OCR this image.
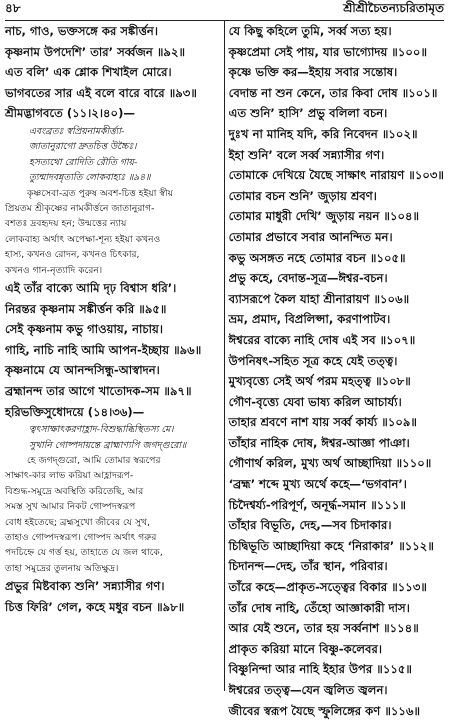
৪৮	শ্রীশ্রীচৈতন্যচরিতামৃত
নাচ, গাও, ভক্তসঙ্গে কর সঙ্কীর্ত্তন।
কৃষ্ণনাম উপদেশি’ তার’ সর্ব্বজন ॥৯২॥
এত বলি’ এক শ্লোক শিখাইল মোরে।
ভাগবতের সার এই বলে বারে বারে ॥৯৩॥
শ্রীমদ্ভাগবতে (১১।২।৪০)—
এবংব্রতঃ স্বপ্রিয়নামকীর্ত্ত্যা-
জাতানুরাগো দ্রুতচিত্ত উচ্চৈঃ।
হসত্যথো রোদিতি রৌতি গায়-
ত্যুন্মাদবন্নৃত্যতি লোকবাহ্যঃ ॥৯৪॥
কৃষ্ণসেবা-ব্রত পুরুষ অবশ-চিত্ত হইয়া স্বীয়
প্রিয়তম শ্রীকৃষ্ণের নামকীর্ত্তনে জাতানুরাগ-
বশতঃ দ্রবহৃদয় হন; উন্মত্তের ন্যায়
লোকবাহ্য অর্থাৎ অপেক্ষা-শূন্য হইয়া কখনও
হাস্য, কখনও রোদন, কখনও চিৎকার,
কখনও গান-নৃত্যাদি করেন।
এই তাঁর বাক্যে আমি দৃঢ় বিশ্বাস ধরি’।
নিরন্তর কৃষ্ণনাম সঙ্কীর্ত্তন করি ॥৯৫॥
সেই কৃষ্ণনাম কভু গাওয়ায়, নাচায়।
গাহি, নাচি নাহি আমি আপন-ইচ্ছায় ॥৯৬॥
কৃষ্ণনামে যে আনন্দসিন্ধু-আস্বাদন।
ব্রহ্মানন্দ তার আগে খাতোদক-সম ॥৯৭॥
হরিভক্তিসুধোদয়ে (১৪।৩৬)—
ত্বৎসাক্ষাৎকরণাহ্লাদ-বিশুদ্ধাব্ধিস্থিতস্য মে।
সুখানি গোষ্পদায়ন্তে ব্রাহ্মাণ্যপি জগদ্গুরো॥
হে জগদ্গুরো, আমি তোমার স্বরূপের
সাক্ষাৎ-কার লাভ করিয়া আহ্লাদরূপ-
বিশুদ্ধ-সমুদ্রে অবস্থিতি করিতেছি, আর
সমস্ত সুখ আমার নিকট গোষ্পদস্বরূপ
বোধ হইতেছে; ব্রহ্মসুখো জীবের যে সুখ,
তাহাও গোষ্পদস্বরূপ। গোষ্পদ অর্থাৎ গরুর
পদচিহ্নে যে গর্ত্ত হয়, তাহাতে যে জল থাকে,
তাহা সমুদ্রের তুলনায় অতিক্ষুদ্র।
প্রভুর মিষ্টবাক্য শুনি’ সন্ন্যাসীর গণ।
চিত্ত ফিরি’ গেল, কহে মধুর বচন ॥৯৮॥
যে কিছু কহিলে তুমি, সর্ব্ব সত্য হয়।
কৃষ্ণপ্রেমা সেই পায়, যার ভাগ্যোদয় ॥১০০॥
কৃষ্ণে ভক্তি কর—ইহায় সবার সন্তোষ।
বেদান্ত না শুন কেনে, তার কিবা দোষ ॥১০১॥
এত শুনি’ হাসি’ প্রভু বলিলা বচন।
দুঃখ না মানিহ যদি, করি নিবেদন ॥১০২॥
ইহা শুনি’ বলে সর্ব্ব সন্ন্যাসীর গণ।
তোমাকে দেখিয়ে যৈছে সাক্ষাৎ নারায়ণ ॥১০৩॥
তোমার বচন শুনি’ জুড়ায় শ্রবণ।
তোমার মাধুরী দেখি’ জুড়ায় নয়ন ॥১০৪॥
তোমার প্রভাবে সবার আনন্দিত মন।
কভু অসঙ্গত নহে তোমার বচন ॥১০৫॥
প্রভু কহে, বেদান্ত-সূত্র—ঈশ্বর-বচন।
ব্যাসরূপে কৈল যাহা শ্রীনারায়ণ ॥১০৬॥
ভ্রম, প্রমাদ, বিপ্রলিপ্সা, করণাপাটব।
ঈশ্বরের বাক্যে নাহি দোষ এই সব ॥১০৭॥
উপনিষৎ-সহিত সূত্র কহে যেই তত্ত্ব।
মুখ্যবৃত্ত্যে সেই অর্থ পরম মহত্ত্ব ॥১০৮॥
গৌণ-বৃত্ত্যে যেবা ভাষ্য করিল আচার্য্য।
তাহার শ্রবণে নাশ যায় সর্ব্ব কার্য্য ॥১০৯॥
তাঁহার নাহিক দোষ, ঈশ্বর-আজ্ঞা পাঞা।
গৌণার্থ করিল, মুখ্য অর্থ আচ্ছাদিয়া ॥১১০॥
‘ব্রহ্ম’ শব্দে মুখ্য অর্থে কহে—‘ভগবান’।
চিদৈশ্বর্য্য-পরিপূর্ণ, অনূর্দ্ধ-সমান ॥১১১॥
তাঁহার বিভূতি, দেহ,—সব চিদাকার।
চিদ্বিভূতি আচ্ছাদিয়া কহে ‘নিরাকার’ ॥১১২॥
চিদানন্দ—দেহ, তাঁর স্থান, পরিবার।
তাঁরে কহে—প্রাকৃত-সত্ত্বের বিকার ॥১১৩॥
তাঁর দোষ নাহি, তেঁহো আজ্ঞাকারী দাস।
আর যেই শুনে, তার হয় সর্ব্বনাশ ॥১১৪॥
প্রাকৃত করিয়া মানে বিষ্ণু-কলেবর।
বিষ্ণুনিন্দা আর নাহি ইহার উপর ॥১১৫॥
ঈশ্বরের তত্ত্ব—যেন জ্বলিত জ্বলন।
জীবের স্বরূপ যৈছে স্ফুলিঙ্গের কণ ॥১১৬॥
